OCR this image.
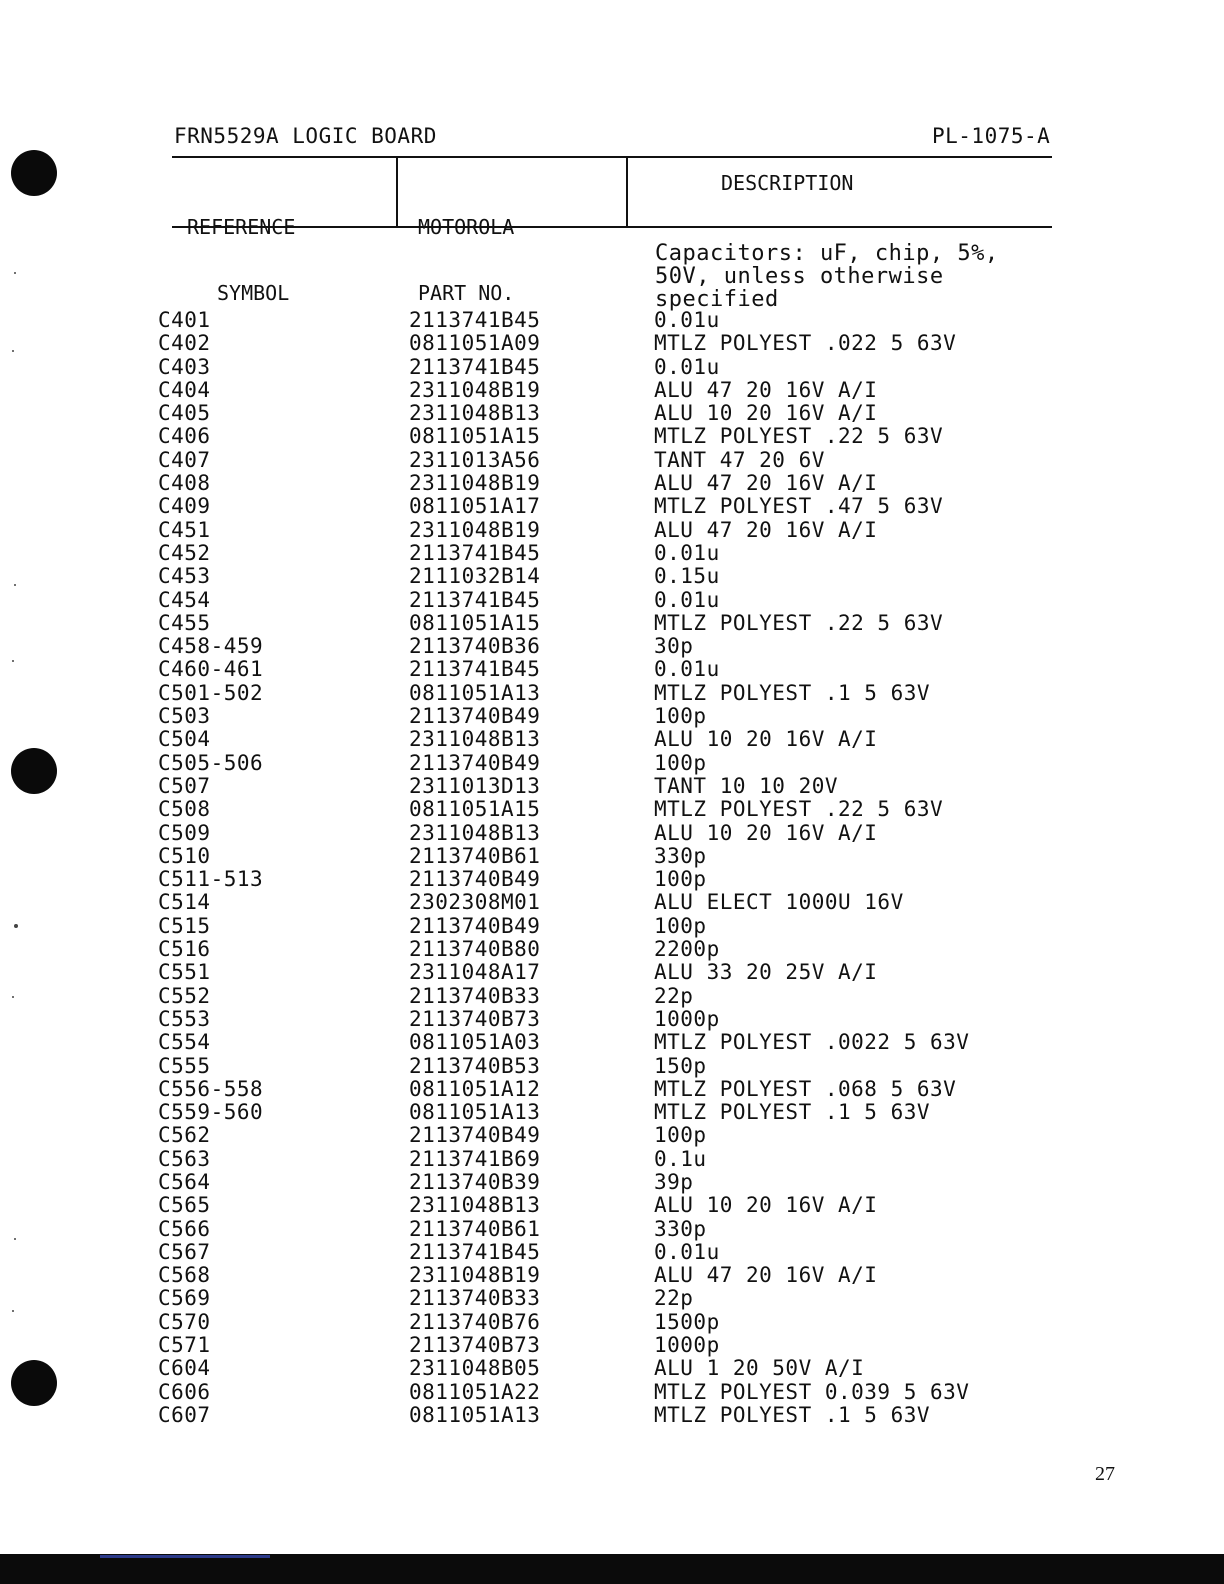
FRN5529A LOGIC BOARD	PL-1075-A

REFERENCE

SYMBOL

MOTOROLA

PART NO.

DESCRIPTION
Capacitors: uF, chip, 5%,
50V, unless otherwise
specified
C401	2113741B45	0.01u
C402	0811051A09	MTLZ POLYEST .022 5 63V
C403	2113741B45	0.01u
C404	2311048B19	ALU 47 20 16V A/I
C405	2311048B13	ALU 10 20 16V A/I
C406	0811051A15	MTLZ POLYEST .22 5 63V
C407	2311013A56	TANT 47 20 6V
C408	2311048B19	ALU 47 20 16V A/I
C409	0811051A17	MTLZ POLYEST .47 5 63V
C451	2311048B19	ALU 47 20 16V A/I
C452	2113741B45	0.01u
C453	2111032B14	0.15u
C454	2113741B45	0.01u
C455	0811051A15	MTLZ POLYEST .22 5 63V
C458-459	2113740B36	30p
C460-461	2113741B45	0.01u
C501-502	0811051A13	MTLZ POLYEST .1 5 63V
C503	2113740B49	100p
C504	2311048B13	ALU 10 20 16V A/I
C505-506	2113740B49	100p
C507	2311013D13	TANT 10 10 20V
C508	0811051A15	MTLZ POLYEST .22 5 63V
C509	2311048B13	ALU 10 20 16V A/I
C510	2113740B61	330p
C511-513	2113740B49	100p
C514	2302308M01	ALU ELECT 1000U 16V
C515	2113740B49	100p
C516	2113740B80	2200p
C551	2311048A17	ALU 33 20 25V A/I
C552	2113740B33	22p
C553	2113740B73	1000p
C554	0811051A03	MTLZ POLYEST .0022 5 63V
C555	2113740B53	150p
C556-558	0811051A12	MTLZ POLYEST .068 5 63V
C559-560	0811051A13	MTLZ POLYEST .1 5 63V
C562	2113740B49	100p
C563	2113741B69	0.1u
C564	2113740B39	39p
C565	2311048B13	ALU 10 20 16V A/I
C566	2113740B61	330p
C567	2113741B45	0.01u
C568	2311048B19	ALU 47 20 16V A/I
C569	2113740B33	22p
C570	2113740B76	1500p
C571	2113740B73	1000p
C604	2311048B05	ALU 1 20 50V A/I
C606	0811051A22	MTLZ POLYEST 0.039 5 63V
C607	0811051A13	MTLZ POLYEST .1 5 63V
27
